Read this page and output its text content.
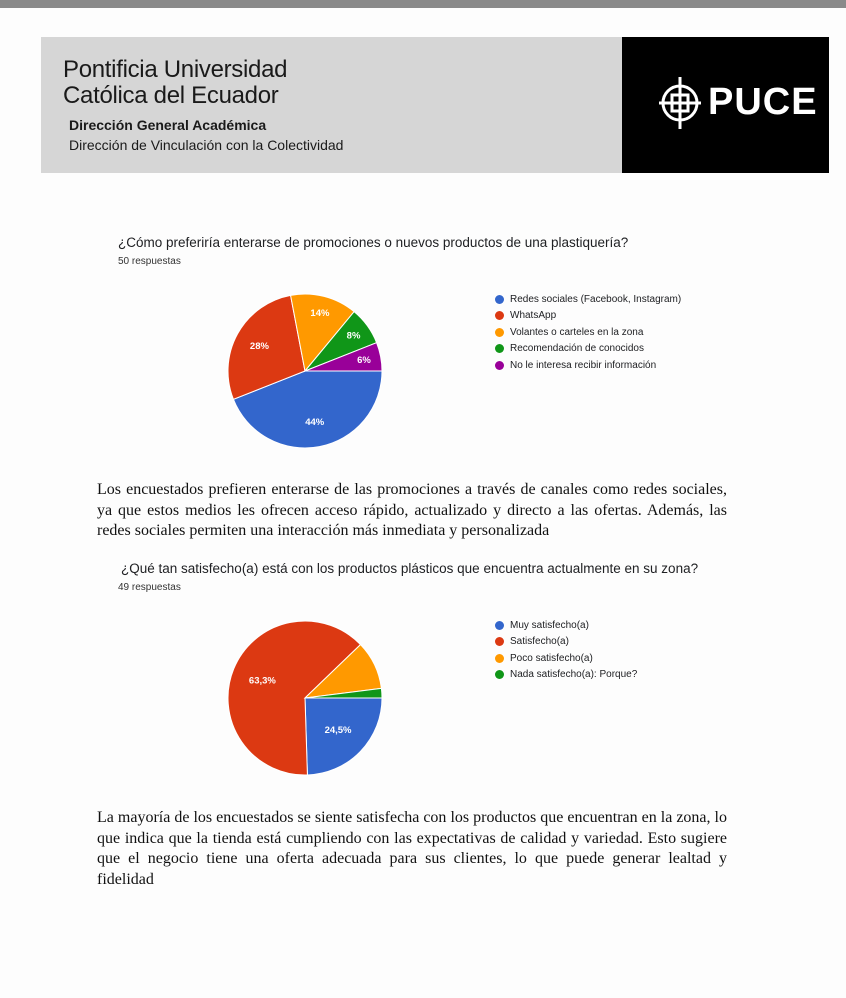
Pontificia Universidad
Católica del Ecuador
Dirección General Académica
Dirección de Vinculación con la Colectividad
PUCE
¿Cómo preferiría enterarse de promociones o nuevos productos de una plastiquería?
50 respuestas
44%
28%
14%
8%
6%
Redes sociales (Facebook, Instagram)
WhatsApp
Volantes o carteles en la zona
Recomendación de conocidos
No le interesa recibir información
Los encuestados prefieren enterarse de las promociones a través de canales como redes sociales, ya que estos medios les ofrecen acceso rápido, actualizado y directo a las ofertas. Además, las redes sociales permiten una interacción más inmediata y personalizada
¿Qué tan satisfecho(a) está con los productos plásticos que encuentra actualmente en su zona?
49 respuestas
24,5%
63,3%
Muy satisfecho(a)
Satisfecho(a)
Poco satisfecho(a)
Nada satisfecho(a): Porque?
La mayoría de los encuestados se siente satisfecha con los productos que encuentran en la zona, lo que indica que la tienda está cumpliendo con las expectativas de calidad y variedad. Esto sugiere que el negocio tiene una oferta adecuada para sus clientes, lo que puede generar lealtad y fidelidad
